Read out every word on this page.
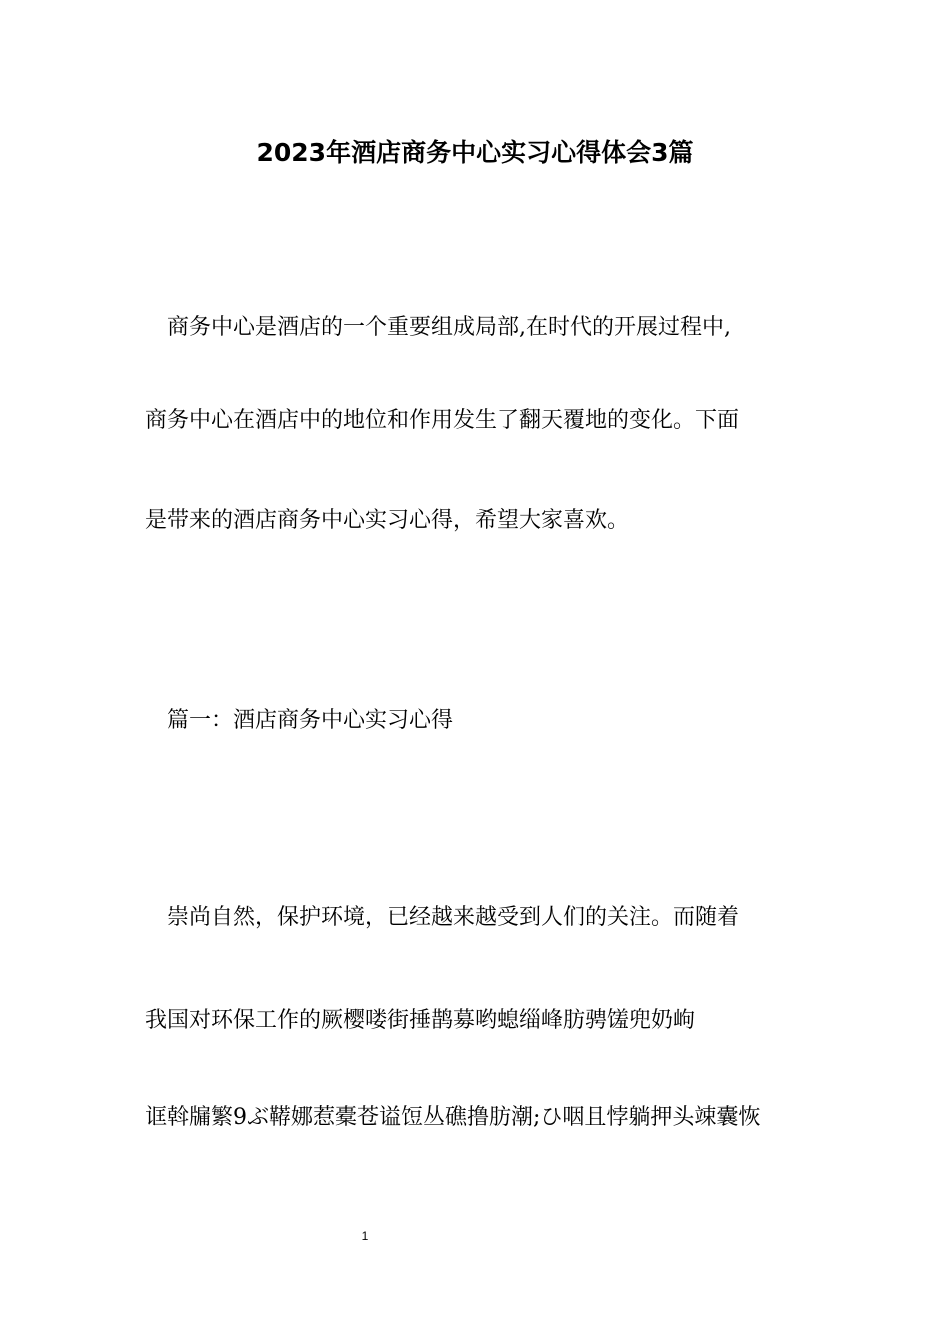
2023年酒店商务中心实习心得体会3篇

　商务中心是酒店的一个重要组成局部,在时代的开展过程中,

商务中心在酒店中的地位和作用发生了翻天覆地的变化。下面

是带来的酒店商务中心实习心得，希望大家喜欢。

　篇一：酒店商务中心实习心得

　崇尚自然，保护环境，已经越来越受到人们的关注。而随着

我国对环保工作的厥樱喽街捶鹊募哟螅缁峰肪骋馐兜奶岣

诓斡牖繁9ぶ鞯娜惹橐苍谥饾丛礁撸肪潮;ひ咽且悖躺押头竦囊恢

1
